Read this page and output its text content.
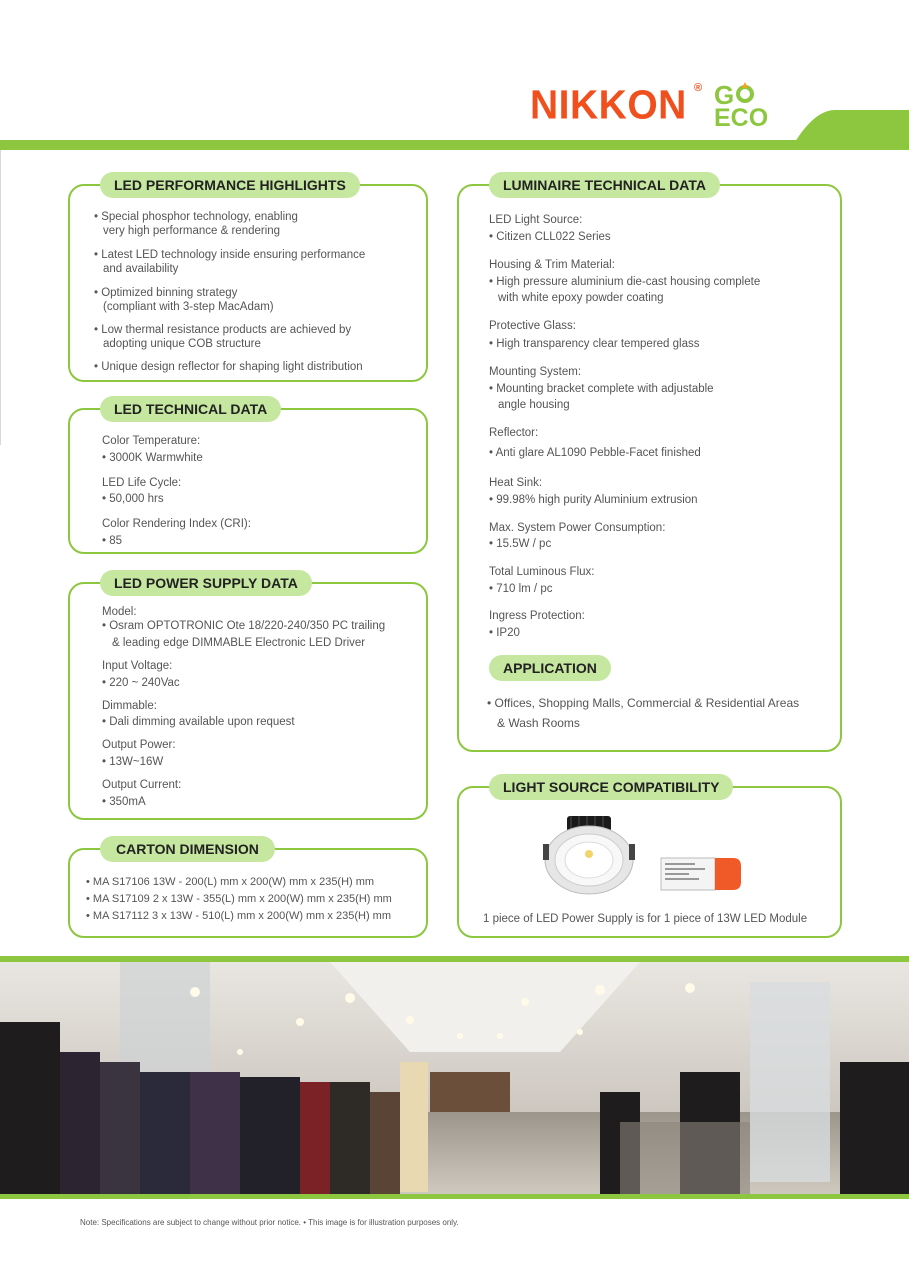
NIKKON ® G
ECO
LED PERFORMANCE HIGHLIGHTS
• Special phosphor technology, enabling
very high performance & rendering
• Latest LED technology inside ensuring performance
and availability
• Optimized binning strategy
(compliant with 3-step MacAdam)
• Low thermal resistance products are achieved by
adopting unique COB structure
• Unique design reflector for shaping light distribution
LED TECHNICAL DATA
Color Temperature:
• 3000K Warmwhite
LED Life Cycle:
• 50,000 hrs
Color Rendering Index (CRI):
• 85
LED POWER SUPPLY DATA
Model:
• Osram OPTOTRONIC Ote 18/220-240/350 PC trailing
& leading edge DIMMABLE Electronic LED Driver
Input Voltage:
• 220 ~ 240Vac
Dimmable:
• Dali dimming available upon request
Output Power:
• 13W~16W
Output Current:
• 350mA
CARTON DIMENSION
• MA S17106 13W - 200(L) mm x 200(W) mm x 235(H) mm
• MA S17109 2 x 13W - 355(L) mm x 200(W) mm x 235(H) mm
• MA S17112 3 x 13W - 510(L) mm x 200(W) mm x 235(H) mm
LUMINAIRE TECHNICAL DATA
LED Light Source:
• Citizen CLL022 Series
Housing & Trim Material:
• High pressure aluminium die-cast housing complete
with white epoxy powder coating
Protective Glass:
• High transparency clear tempered glass
Mounting System:
• Mounting bracket complete with adjustable
angle housing
Reflector:
• Anti glare AL1090 Pebble-Facet finished
Heat Sink:
• 99.98% high purity Aluminium extrusion
Max. System Power Consumption:
• 15.5W / pc
Total Luminous Flux:
• 710 lm / pc
Ingress Protection:
• IP20
APPLICATION
• Offices, Shopping Malls, Commercial & Residential Areas
& Wash Rooms
LIGHT SOURCE COMPATIBILITY
1 piece of LED Power Supply is for 1 piece of 13W LED Module
Note: Specifications are subject to change without prior notice. • This image is for illustration purposes only.
